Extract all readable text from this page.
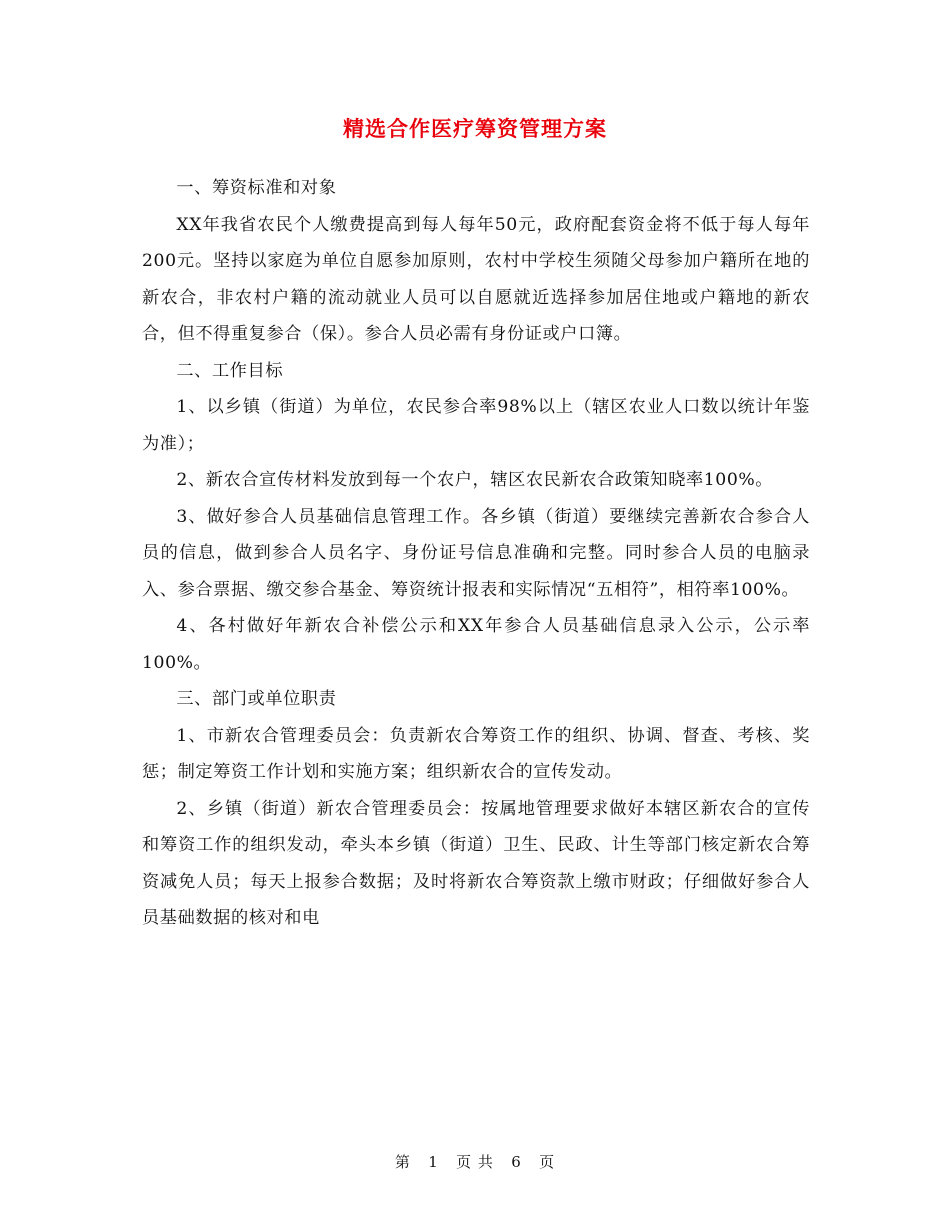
精选合作医疗筹资管理方案

一、筹资标准和对象

XX年我省农民个人缴费提高到每人每年50元，政府配套资金将不低于每人每年200元。坚持以家庭为单位自愿参加原则，农村中学校生须随父母参加户籍所在地的新农合，非农村户籍的流动就业人员可以自愿就近选择参加居住地或户籍地的新农合，但不得重复参合（保）。参合人员必需有身份证或户口簿。

二、工作目标

1、以乡镇（街道）为单位，农民参合率98%以上（辖区农业人口数以统计年鉴为准）；

2、新农合宣传材料发放到每一个农户，辖区农民新农合政策知晓率100%。

3、做好参合人员基础信息管理工作。各乡镇（街道）要继续完善新农合参合人员的信息，做到参合人员名字、身份证号信息准确和完整。同时参合人员的电脑录入、参合票据、缴交参合基金、筹资统计报表和实际情况“五相符”，相符率100%。

4、各村做好年新农合补偿公示和XX年参合人员基础信息录入公示，公示率100%。

三、部门或单位职责

1、市新农合管理委员会：负责新农合筹资工作的组织、协调、督查、考核、奖惩；制定筹资工作计划和实施方案；组织新农合的宣传发动。

2、乡镇（街道）新农合管理委员会：按属地管理要求做好本辖区新农合的宣传和筹资工作的组织发动，牵头本乡镇（街道）卫生、民政、计生等部门核定新农合筹资减免人员；每天上报参合数据；及时将新农合筹资款上缴市财政；仔细做好参合人员基础数据的核对和电

第 1 页 共 6 页
